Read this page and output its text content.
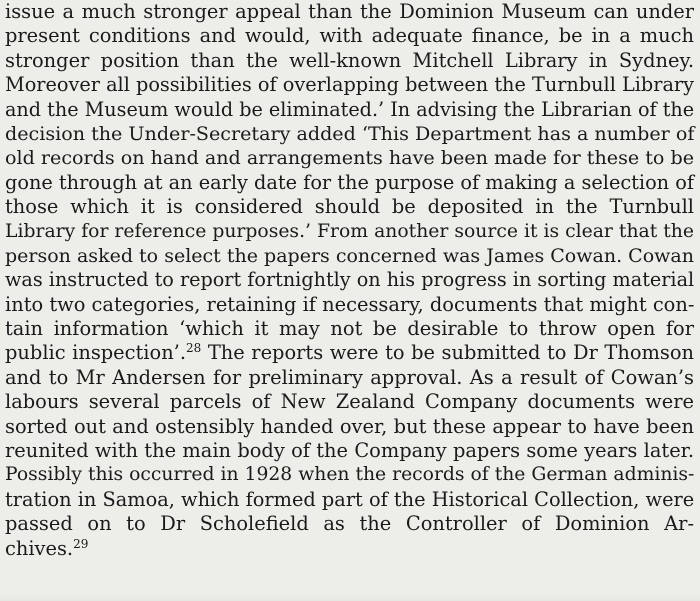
issue a much stronger appeal than the Dominion Museum can under
present conditions and would, with adequate finance, be in a much
stronger position than the well-known Mitchell Library in Sydney.
Moreover all possibilities of overlapping between the Turnbull Library
and the Museum would be eliminated.’ In advising the Librarian of the
decision the Under-Secretary added ‘This Department has a number of
old records on hand and arrangements have been made for these to be
gone through at an early date for the purpose of making a selection of
those which it is considered should be deposited in the Turnbull
Library for reference purposes.’ From another source it is clear that the
person asked to select the papers concerned was James Cowan. Cowan
was instructed to report fortnightly on his progress in sorting material
into two categories, retaining if necessary, documents that might con-
tain information ‘which it may not be desirable to throw open for
public inspection’.$^{28}$ The reports were to be submitted to Dr Thomson
and to Mr Andersen for preliminary approval. As a result of Cowan’s
labours several parcels of New Zealand Company documents were
sorted out and ostensibly handed over, but these appear to have been
reunited with the main body of the Company papers some years later.
Possibly this occurred in 1928 when the records of the German adminis-
tration in Samoa, which formed part of the Historical Collection, were
passed on to Dr Scholefield as the Controller of Dominion Ar-
chives.$^{29}$
